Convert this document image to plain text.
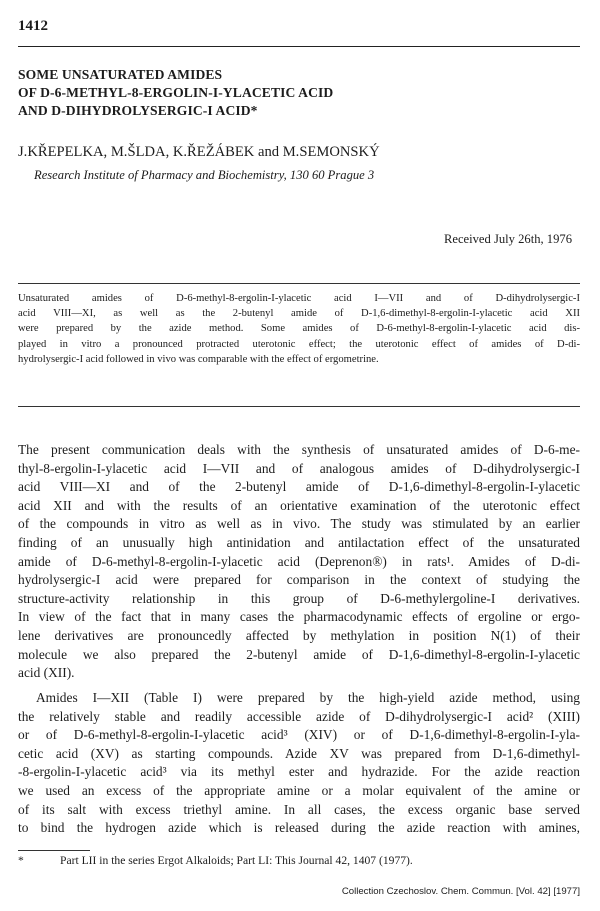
1412
SOME UNSATURATED AMIDES
OF D-6-METHYL-8-ERGOLIN-I-YLACETIC ACID
AND D-DIHYDROLYSERGIC-I ACID*
J.KŘEPELKA, M.ŠLDA, K.ŘEŽÁBEK and M.SEMONSKÝ
Research Institute of Pharmacy and Biochemistry, 130 60 Prague 3
Received July 26th, 1976
Unsaturated amides of D-6-methyl-8-ergolin-I-ylacetic acid I—VII and of D-dihydrolysergic-I
acid VIII—XI, as well as the 2-butenyl amide of D-1,6-dimethyl-8-ergolin-I-ylacetic acid XII
were prepared by the azide method. Some amides of D-6-methyl-8-ergolin-I-ylacetic acid dis-
played in vitro a pronounced protracted uterotonic effect; the uterotonic effect of amides of D-di-
hydrolysergic-I acid followed in vivo was comparable with the effect of ergometrine.
The present communication deals with the synthesis of unsaturated amides of D-6-me-
thyl-8-ergolin-I-ylacetic acid I—VII and of analogous amides of D-dihydrolysergic-I
acid VIII—XI and of the 2-butenyl amide of D-1,6-dimethyl-8-ergolin-I-ylacetic
acid XII and with the results of an orientative examination of the uterotonic effect
of the compounds in vitro as well as in vivo. The study was stimulated by an earlier
finding of an unusually high antinidation and antilactation effect of the unsaturated
amide of D-6-methyl-8-ergolin-I-ylacetic acid (Deprenon®) in rats¹. Amides of D-di-
hydrolysergic-I acid were prepared for comparison in the context of studying the
structure-activity relationship in this group of D-6-methylergoline-I derivatives.
In view of the fact that in many cases the pharmacodynamic effects of ergoline or ergo-
lene derivatives are pronouncedly affected by methylation in position N(1) of their
molecule we also prepared the 2-butenyl amide of D-1,6-dimethyl-8-ergolin-I-ylacetic
acid (XII).
Amides I—XII (Table I) were prepared by the high-yield azide method, using
the relatively stable and readily accessible azide of D-dihydrolysergic-I acid² (XIII)
or of D-6-methyl-8-ergolin-I-ylacetic acid³ (XIV) or of D-1,6-dimethyl-8-ergolin-I-yla-
cetic acid (XV) as starting compounds. Azide XV was prepared from D-1,6-dimethyl-
-8-ergolin-I-ylacetic acid³ via its methyl ester and hydrazide. For the azide reaction
we used an excess of the appropriate amine or a molar equivalent of the amine or
of its salt with excess triethyl amine. In all cases, the excess organic base served
to bind the hydrogen azide which is released during the azide reaction with amines,
*	Part LII in the series Ergot Alkaloids; Part LI: This Journal 42, 1407 (1977).
Collection Czechoslov. Chem. Commun. [Vol. 42] [1977]
